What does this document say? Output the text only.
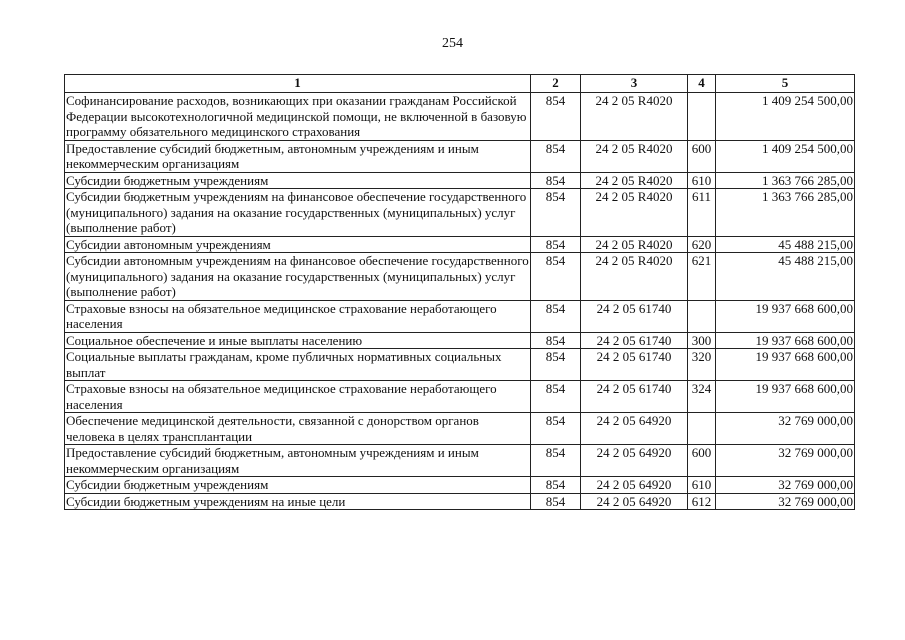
254
1	2	3	4	5
Софинансирование расходов, возникающих при оказании гражданам Российской Федерации высокотехнологичной медицинской помощи, не включенной в базовую программу обязательного медицинского страхования	854	24 2 05 R4020		1 409 254 500,00
Предоставление субсидий бюджетным, автономным учреждениям и иным некоммерческим организациям	854	24 2 05 R4020	600	1 409 254 500,00
Субсидии бюджетным учреждениям	854	24 2 05 R4020	610	1 363 766 285,00
Субсидии бюджетным учреждениям на финансовое обеспечение государственного (муниципального) задания на оказание государственных (муниципальных) услуг (выполнение работ)	854	24 2 05 R4020	611	1 363 766 285,00
Субсидии автономным учреждениям	854	24 2 05 R4020	620	45 488 215,00
Субсидии автономным учреждениям на финансовое обеспечение государственного (муниципального) задания на оказание государственных (муниципальных) услуг (выполнение работ)	854	24 2 05 R4020	621	45 488 215,00
Страховые взносы на обязательное медицинское страхование неработающего населения	854	24 2 05 61740		19 937 668 600,00
Социальное обеспечение и иные выплаты населению	854	24 2 05 61740	300	19 937 668 600,00
Социальные выплаты гражданам, кроме публичных нормативных социальных выплат	854	24 2 05 61740	320	19 937 668 600,00
Страховые взносы на обязательное медицинское страхование неработающего населения	854	24 2 05 61740	324	19 937 668 600,00
Обеспечение медицинской деятельности, связанной с донорством органов человека в целях трансплантации	854	24 2 05 64920		32 769 000,00
Предоставление субсидий бюджетным, автономным учреждениям и иным некоммерческим организациям	854	24 2 05 64920	600	32 769 000,00
Субсидии бюджетным учреждениям	854	24 2 05 64920	610	32 769 000,00
Субсидии бюджетным учреждениям на иные цели	854	24 2 05 64920	612	32 769 000,00
